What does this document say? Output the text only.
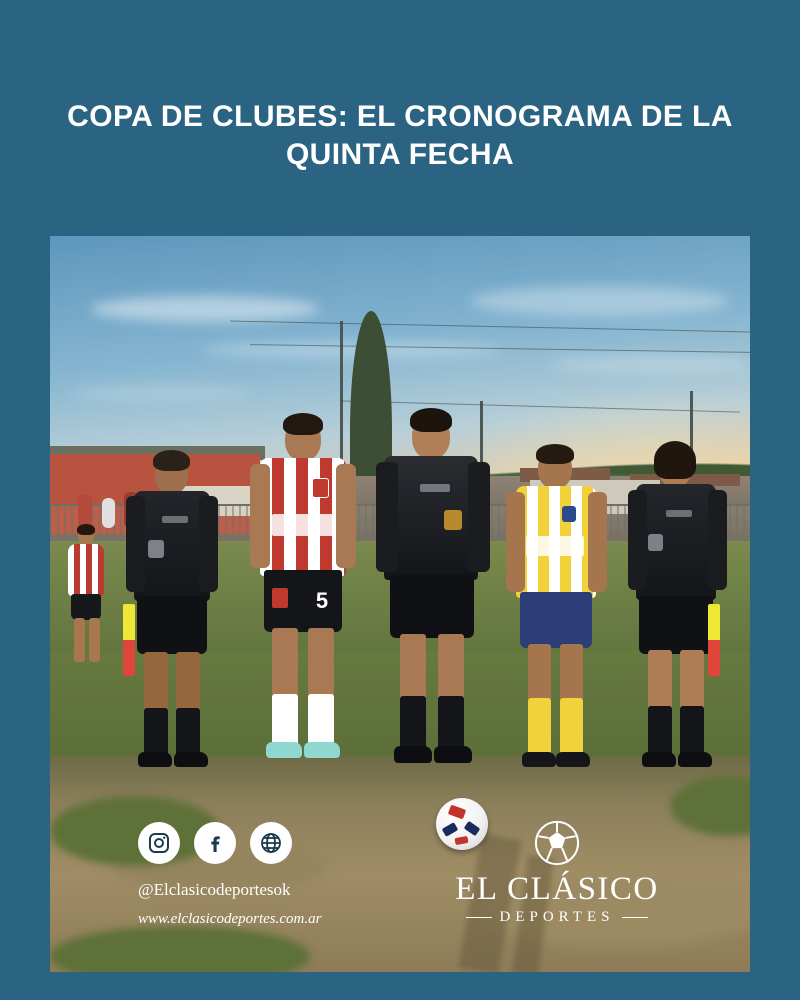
COPA DE CLUBES: EL CRONOGRAMA DE LA QUINTA FECHA
5
@Elclasicodeportesok
www.elclasicodeportes.com.ar
EL CLÁSICO
DEPORTES
